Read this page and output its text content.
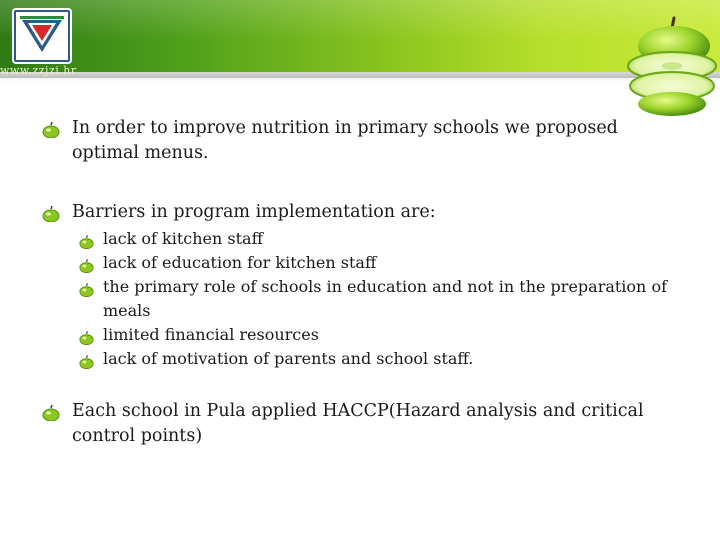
www.zzjzi.hr
In order to improve nutrition in primary schools we proposed optimal menus.
Barriers in program implementation are:
lack of kitchen staff
lack of education for kitchen staff
the primary role of schools in education and not in the preparation of meals
limited financial resources
lack of motivation of parents and school staff.
Each school in Pula applied HACCP(Hazard analysis and critical control points)
